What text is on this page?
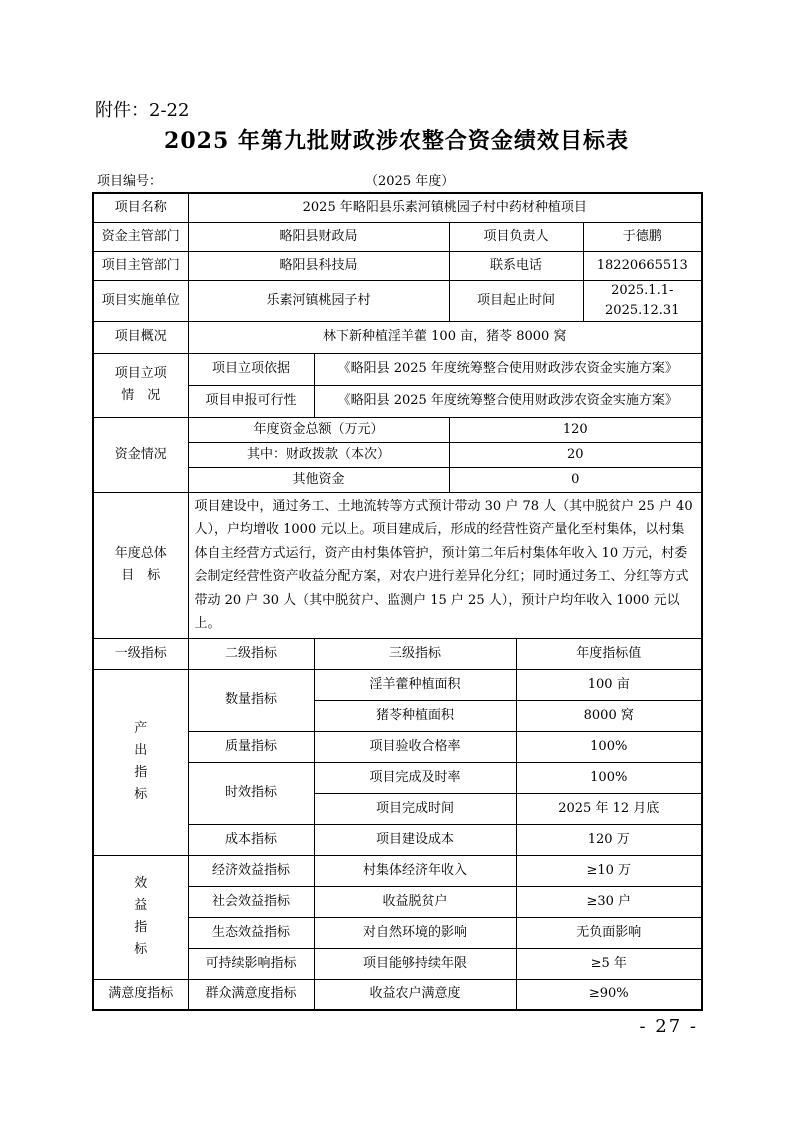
附件：2-22
2025 年第九批财政涉农整合资金绩效目标表
项目编号：	（2025 年度）
项目名称	2025 年略阳县乐素河镇桃园子村中药材种植项目				
资金主管部门	略阳县财政局		项目负责人		于德鹏
项目主管部门	略阳县科技局		联系电话		18220665513
项目实施单位	乐素河镇桃园子村		项目起止时间		2025.1.1-2025.12.31
项目概况	林下新种植淫羊藿 100 亩，猪苓 8000 窝				

项目立项
情　况	项目立项依据	《略阳县 2025 年度统筹整合使用财政涉农资金实施方案》			
	项目申报可行性	《略阳县 2025 年度统筹整合使用财政涉农资金实施方案》			
资金情况	年度资金总额（万元）		120		
	其中：财政拨款（本次）		20		
	其他资金		0		

年度总体
目　标	项目建设中，通过务工、土地流转等方式预计带动 30 户 78 人（其中脱贫户 25 户 40 人），户均增收 1000 元以上。项目建成后，形成的经营性资产量化至村集体，以村集体自主经营方式运行，资产由村集体管护，预计第二年后村集体年收入 10 万元，村委会制定经营性资产收益分配方案，对农户进行差异化分红；同时通过务工、分红等方式带动 20 户 30 人（其中脱贫户、监测户 15 户 25 人），预计户均年收入 1000 元以上。				
一级指标	二级指标	三级指标		年度指标值	

产
出
指
标	数量指标	淫羊藿种植面积		100 亩	
		猪苓种植面积		8000 窝	
	质量指标	项目验收合格率		100%	
	时效指标	项目完成及时率		100%	
		项目完成时间		2025 年 12 月底	
	成本指标	项目建设成本		120 万	

效
益
指
标	经济效益指标	村集体经济年收入		≥10 万	
	社会效益指标	收益脱贫户		≥30 户	
	生态效益指标	对自然环境的影响		无负面影响	
	可持续影响指标	项目能够持续年限		≥5 年	
满意度指标	群众满意度指标	收益农户满意度		≥90%	
- 27 -
